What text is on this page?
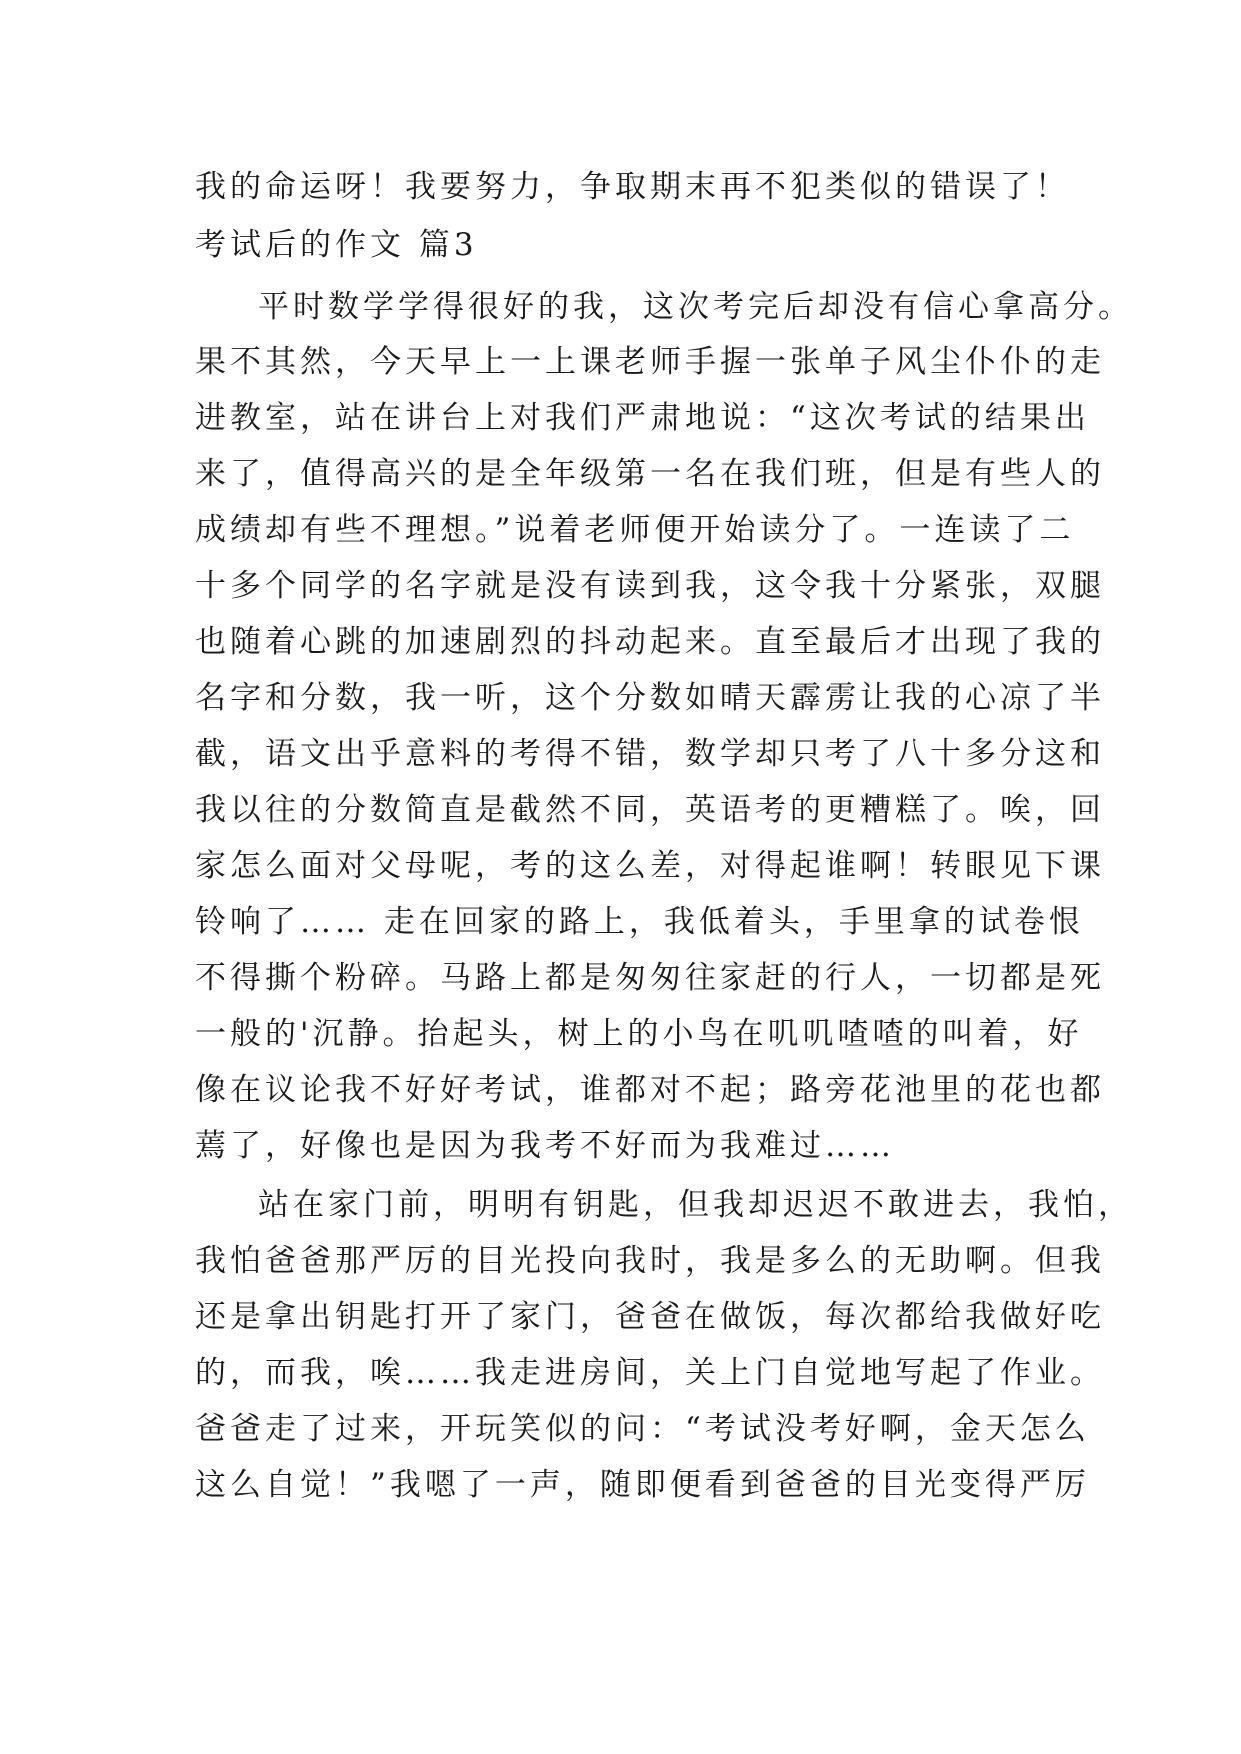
我的命运呀！我要努力，争取期末再不犯类似的错误了！
考试后的作文 篇3
平时数学学得很好的我，这次考完后却没有信心拿高分。
果不其然，今天早上一上课老师手握一张单子风尘仆仆的走
进教室，站在讲台上对我们严肃地说：“这次考试的结果出
来了，值得高兴的是全年级第一名在我们班，但是有些人的
成绩却有些不理想。”说着老师便开始读分了。一连读了二
十多个同学的名字就是没有读到我，这令我十分紧张，双腿
也随着心跳的加速剧烈的抖动起来。直至最后才出现了我的
名字和分数，我一听，这个分数如晴天霹雳让我的心凉了半
截，语文出乎意料的考得不错，数学却只考了八十多分这和
我以往的分数简直是截然不同，英语考的更糟糕了。唉，回
家怎么面对父母呢，考的这么差，对得起谁啊！转眼见下课
铃响了…… 走在回家的路上，我低着头，手里拿的试卷恨
不得撕个粉碎。马路上都是匆匆往家赶的行人，一切都是死
一般的'沉静。抬起头，树上的小鸟在叽叽喳喳的叫着，好
像在议论我不好好考试，谁都对不起；路旁花池里的花也都
蔫了，好像也是因为我考不好而为我难过……
站在家门前，明明有钥匙，但我却迟迟不敢进去，我怕，
我怕爸爸那严厉的目光投向我时，我是多么的无助啊。但我
还是拿出钥匙打开了家门，爸爸在做饭，每次都给我做好吃
的，而我，唉……我走进房间，关上门自觉地写起了作业。
爸爸走了过来，开玩笑似的问：“考试没考好啊，金天怎么
这么自觉！”我嗯了一声，随即便看到爸爸的目光变得严厉
